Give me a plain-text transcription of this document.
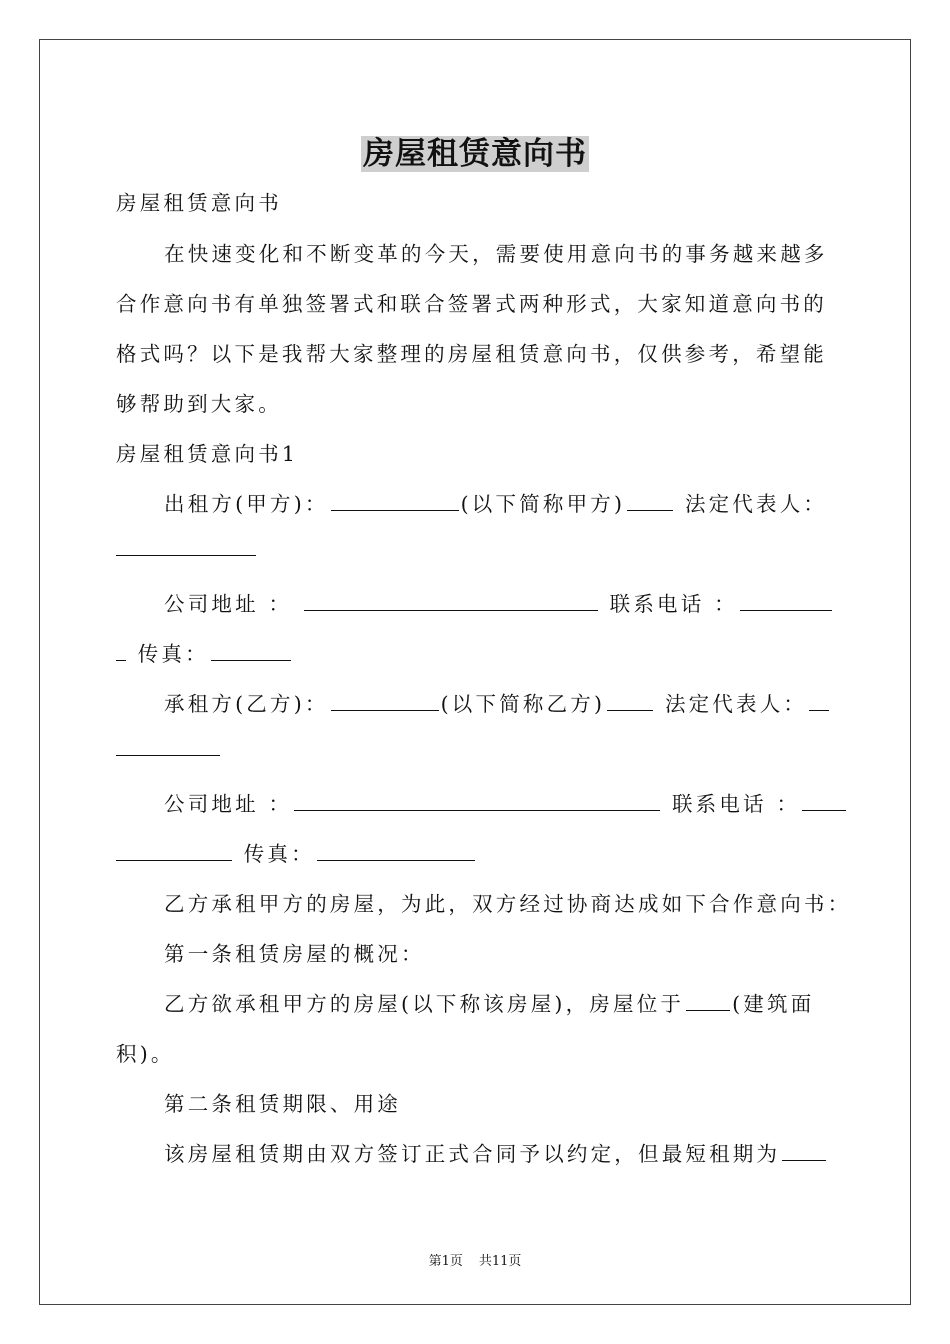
房屋租赁意向书
房屋租赁意向书
在快速变化和不断变革的今天，需要使用意向书的事务越来越多
合作意向书有单独签署式和联合签署式两种形式，大家知道意向书的
格式吗？以下是我帮大家整理的房屋租赁意向书，仅供参考，希望能
够帮助到大家。
房屋租赁意向书1
出租方(甲方)：	(以下简称甲方)	法定代表人：
公司地址 ：	联系电话 ：
传真：
承租方(乙方)：	(以下简称乙方)	法定代表人：
公司地址 ：	联系电话 ：
传真：
乙方承租甲方的房屋，为此，双方经过协商达成如下合作意向书：
第一条租赁房屋的概况：
乙方欲承租甲方的房屋(以下称该房屋)，房屋位于 (建筑面
积)。
第二条租赁期限、用途
该房屋租赁期由双方签订正式合同予以约定，但最短租期为
第1页 共11页
